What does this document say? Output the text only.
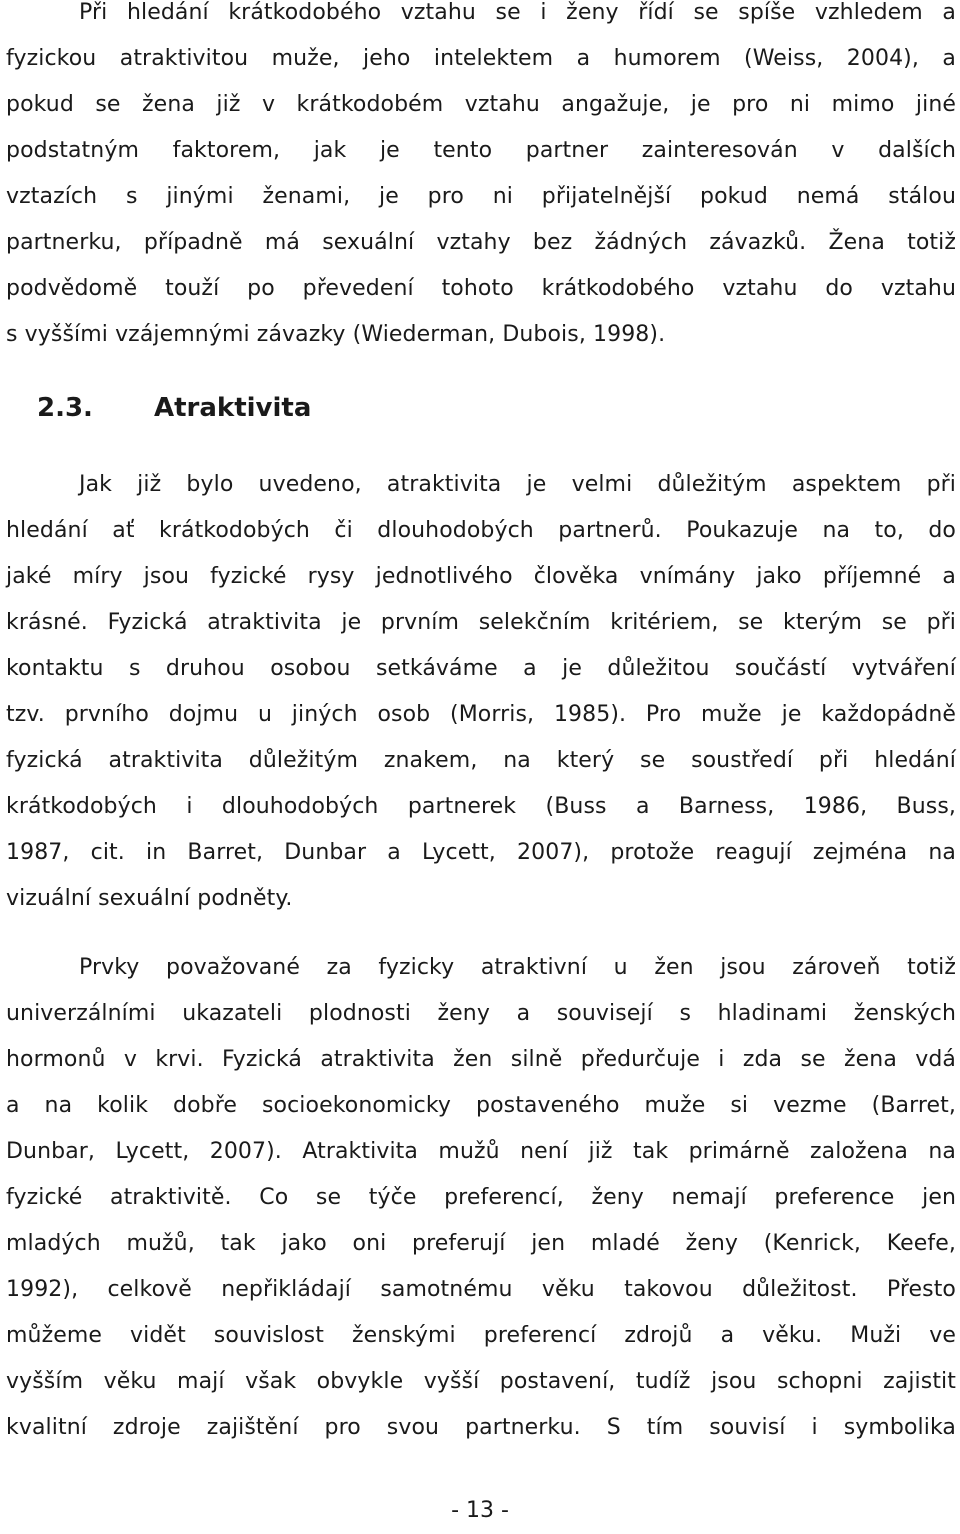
Při hledání krátkodobého vztahu se i ženy řídí se spíše vzhledem a
fyzickou atraktivitou muže, jeho intelektem a humorem (Weiss, 2004), a
pokud se žena již v krátkodobém vztahu angažuje, je pro ni mimo jiné
podstatným faktorem, jak je tento partner zainteresován v dalších
vztazích s jinými ženami, je pro ni přijatelnější pokud nemá stálou
partnerku, případně má sexuální vztahy bez žádných závazků. Žena totiž
podvědomě touží po převedení tohoto krátkodobého vztahu do vztahu
s vyššími vzájemnými závazky (Wiederman, Dubois, 1998).
2.3. Atraktivita
Jak již bylo uvedeno, atraktivita je velmi důležitým aspektem při
hledání ať krátkodobých či dlouhodobých partnerů. Poukazuje na to, do
jaké míry jsou fyzické rysy jednotlivého člověka vnímány jako příjemné a
krásné. Fyzická atraktivita je prvním selekčním kritériem, se kterým se při
kontaktu s druhou osobou setkáváme a je důležitou součástí vytváření
tzv. prvního dojmu u jiných osob (Morris, 1985). Pro muže je každopádně
fyzická atraktivita důležitým znakem, na který se soustředí při hledání
krátkodobých i dlouhodobých partnerek (Buss a Barness, 1986, Buss,
1987, cit. in Barret, Dunbar a Lycett, 2007), protože reagují zejména na
vizuální sexuální podněty.
Prvky považované za fyzicky atraktivní u žen jsou zároveň totiž
univerzálními ukazateli plodnosti ženy a souvisejí s hladinami ženských
hormonů v krvi. Fyzická atraktivita žen silně předurčuje i zda se žena vdá
a na kolik dobře socioekonomicky postaveného muže si vezme (Barret,
Dunbar, Lycett, 2007). Atraktivita mužů není již tak primárně založena na
fyzické atraktivitě. Co se týče preferencí, ženy nemají preference jen
mladých mužů, tak jako oni preferují jen mladé ženy (Kenrick, Keefe,
1992), celkově nepřikládají samotnému věku takovou důležitost. Přesto
můžeme vidět souvislost ženskými preferencí zdrojů a věku. Muži ve
vyšším věku mají však obvykle vyšší postavení, tudíž jsou schopni zajistit
kvalitní zdroje zajištění pro svou partnerku. S tím souvisí i symbolika
- 13 -
